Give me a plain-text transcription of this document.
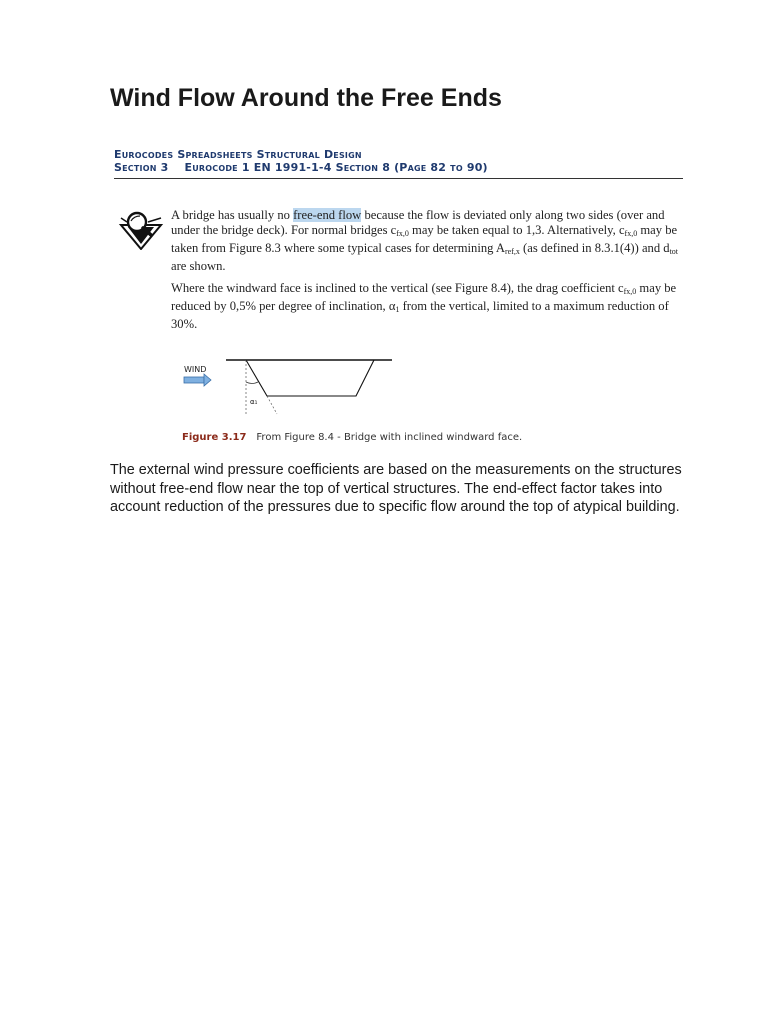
Wind Flow Around the Free Ends
Eurocodes Spreadsheets Structural Design
Section 3 Eurocode 1 EN 1991-1-4 Section 8 (Page 82 to 90)

A bridge has usually no free-end flow because the flow is deviated only along two sides (over and under the bridge deck). For normal bridges $c_{fx,0}$ may be taken equal to 1,3. Alternatively, $c_{fx,0}$ may be taken from Figure 8.3 where some typical cases for determining $A_{ref,x}$ (as defined in 8.3.1(4)) and $d_{tot}$ are shown.

Where the windward face is inclined to the vertical (see Figure 8.4), the drag coefficient $c_{fx,0}$ may be reduced by 0,5% per degree of inclination, $\alpha_1$ from the vertical, limited to a maximum reduction of 30%.

WIND
α₁
Figure 3.17 From Figure 8.4 - Bridge with inclined windward face.

The external wind pressure coefficients are based on the measurements on the structures without free-end flow near the top of vertical structures. The end-effect factor takes into account reduction of the pressures due to specific flow around the top of atypical building.
